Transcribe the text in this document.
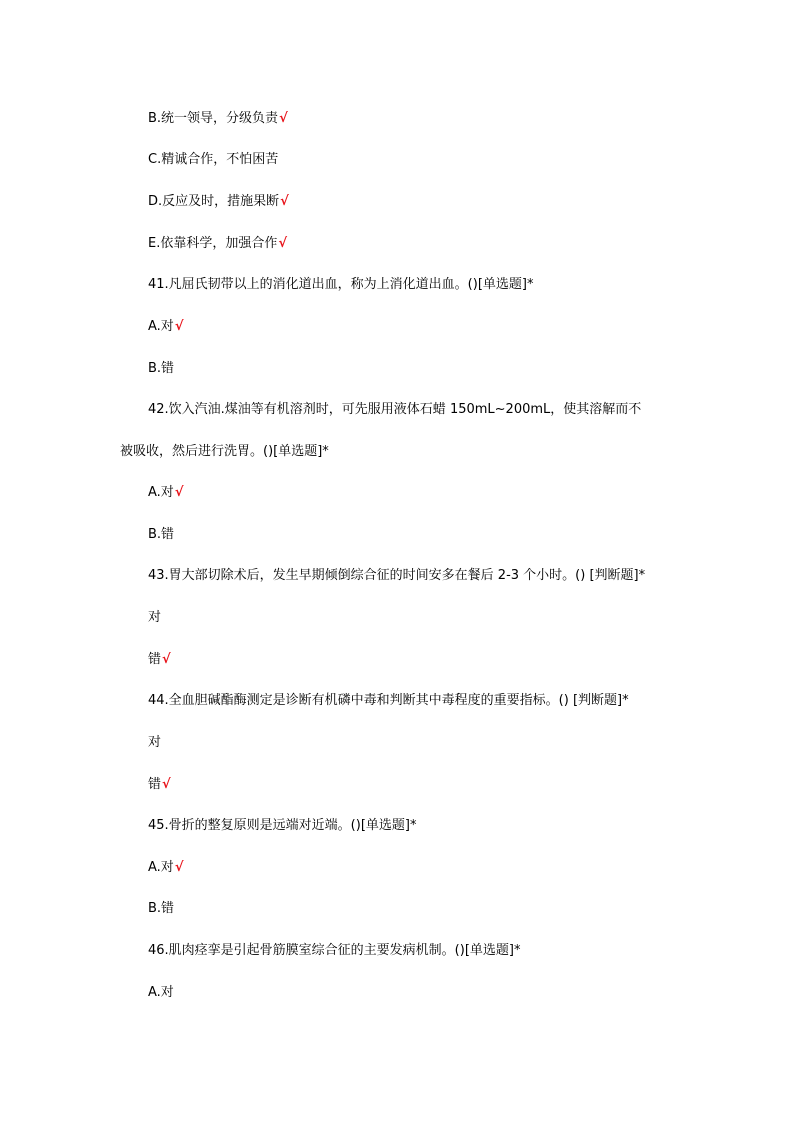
B.统一领导，分级负责√
C.精诚合作，不怕困苦
D.反应及时，措施果断√
E.依靠科学，加强合作√
41.凡屈氏韧带以上的消化道出血，称为上消化道出血。()[单选题]*
A.对√
B.错
42.饮入汽油.煤油等有机溶剂时，可先服用液体石蜡 150mL~200mL，使其溶解而不
被吸收，然后进行洗胃。()[单选题]*
A.对√
B.错
43.胃大部切除术后，发生早期倾倒综合征的时间安多在餐后 2-3 个小时。() [判断题]*
对
错√
44.全血胆碱酯酶测定是诊断有机磷中毒和判断其中毒程度的重要指标。() [判断题]*
对
错√
45.骨折的整复原则是远端对近端。()[单选题]*
A.对√
B.错
46.肌肉痉挛是引起骨筋膜室综合征的主要发病机制。()[单选题]*
A.对
